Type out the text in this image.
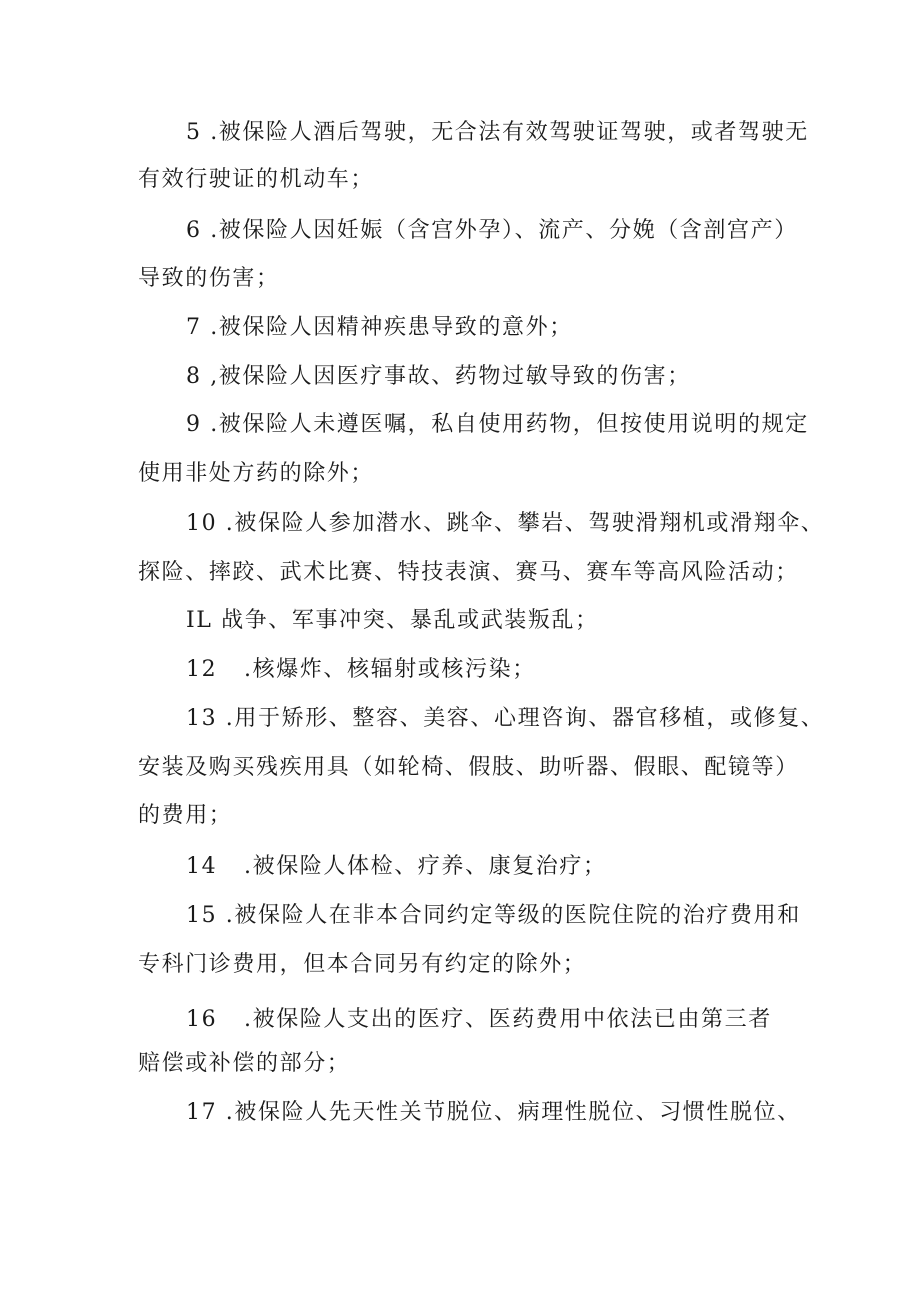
5 .被保险人酒后驾驶，无合法有效驾驶证驾驶，或者驾驶无
有效行驶证的机动车；
6 .被保险人因妊娠（含宫外孕）、流产、分娩（含剖宫产）
导致的伤害；
7 .被保险人因精神疾患导致的意外；
8 ,被保险人因医疗事故、药物过敏导致的伤害；
9 .被保险人未遵医嘱，私自使用药物，但按使用说明的规定
使用非处方药的除外；
10 .被保险人参加潜水、跳伞、攀岩、驾驶滑翔机或滑翔伞、
探险、摔跤、武术比赛、特技表演、赛马、赛车等高风险活动；
IL 战争、军事冲突、暴乱或武装叛乱；
12 .核爆炸、核辐射或核污染；
13 .用于矫形、整容、美容、心理咨询、器官移植，或修复、
安装及购买残疾用具（如轮椅、假肢、助听器、假眼、配镜等）
的费用；
14 .被保险人体检、疗养、康复治疗；
15 .被保险人在非本合同约定等级的医院住院的治疗费用和
专科门诊费用，但本合同另有约定的除外；
16 .被保险人支出的医疗、医药费用中依法已由第三者
赔偿或补偿的部分；
17 .被保险人先天性关节脱位、病理性脱位、习惯性脱位、
